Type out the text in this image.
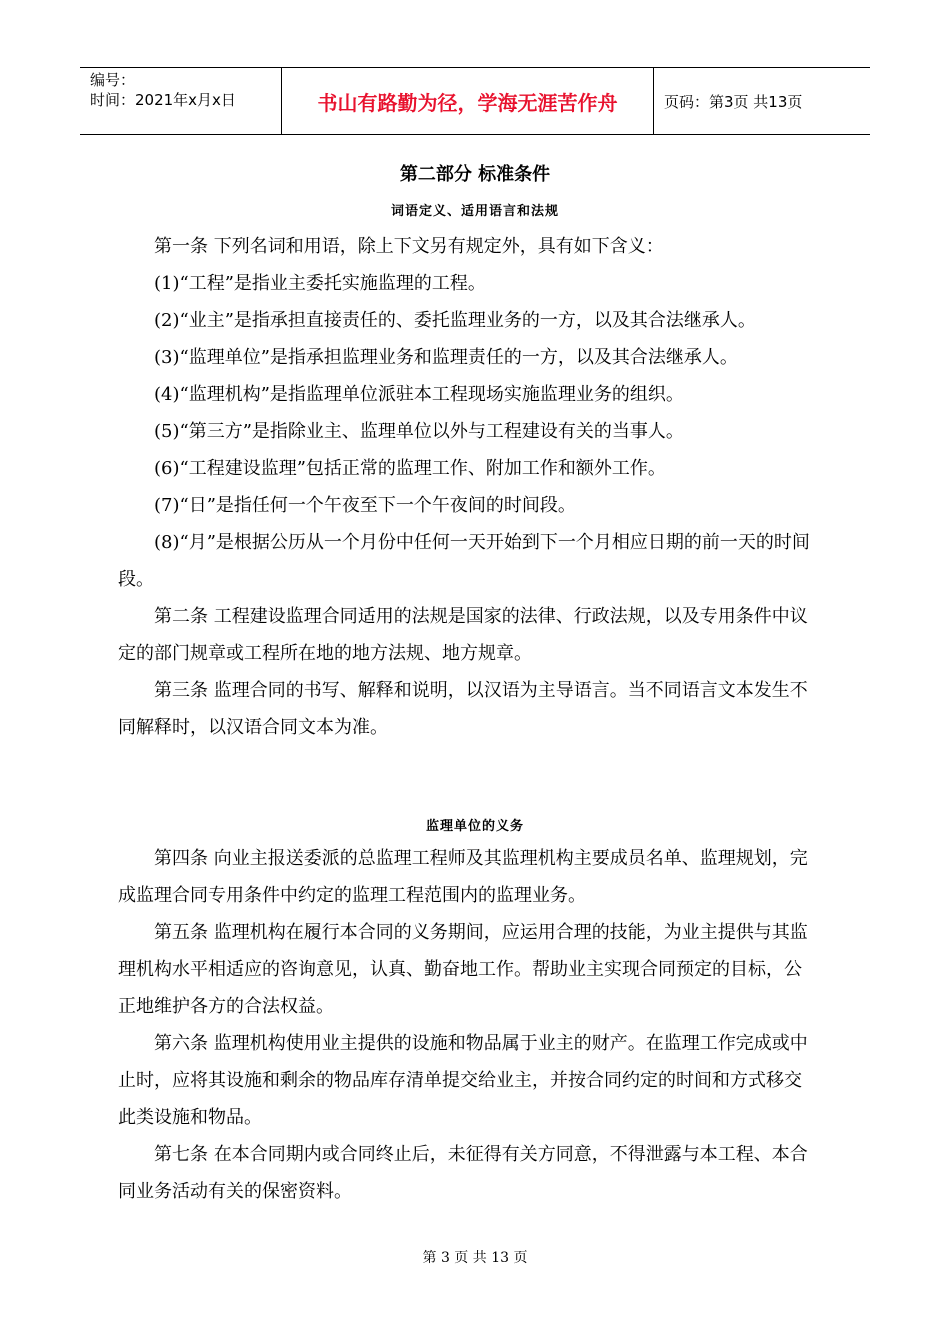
编号：
时间：2021年x月x日	书山有路勤为径，学海无涯苦作舟	页码：第3页 共13页
第二部分 标准条件
词语定义、适用语言和法规

第一条 下列名词和用语，除上下文另有规定外，具有如下含义：

(1)“工程”是指业主委托实施监理的工程。

(2)“业主”是指承担直接责任的、委托监理业务的一方，以及其合法继承人。

(3)“监理单位”是指承担监理业务和监理责任的一方，以及其合法继承人。

(4)“监理机构”是指监理单位派驻本工程现场实施监理业务的组织。

(5)“第三方”是指除业主、监理单位以外与工程建设有关的当事人。

(6)“工程建设监理”包括正常的监理工作、附加工作和额外工作。

(7)“日”是指任何一个午夜至下一个午夜间的时间段。

(8)“月”是根据公历从一个月份中任何一天开始到下一个月相应日期的前一天的时间段。

第二条 工程建设监理合同适用的法规是国家的法律、行政法规，以及专用条件中议定的部门规章或工程所在地的地方法规、地方规章。

第三条 监理合同的书写、解释和说明，以汉语为主导语言。当不同语言文本发生不同解释时，以汉语合同文本为准。

监理单位的义务

第四条 向业主报送委派的总监理工程师及其监理机构主要成员名单、监理规划，完成监理合同专用条件中约定的监理工程范围内的监理业务。

第五条 监理机构在履行本合同的义务期间，应运用合理的技能，为业主提供与其监理机构水平相适应的咨询意见，认真、勤奋地工作。帮助业主实现合同预定的目标，公正地维护各方的合法权益。

第六条 监理机构使用业主提供的设施和物品属于业主的财产。在监理工作完成或中止时，应将其设施和剩余的物品库存清单提交给业主，并按合同约定的时间和方式移交此类设施和物品。

第七条 在本合同期内或合同终止后，未征得有关方同意，不得泄露与本工程、本合同业务活动有关的保密资料。

第 3 页 共 13 页
